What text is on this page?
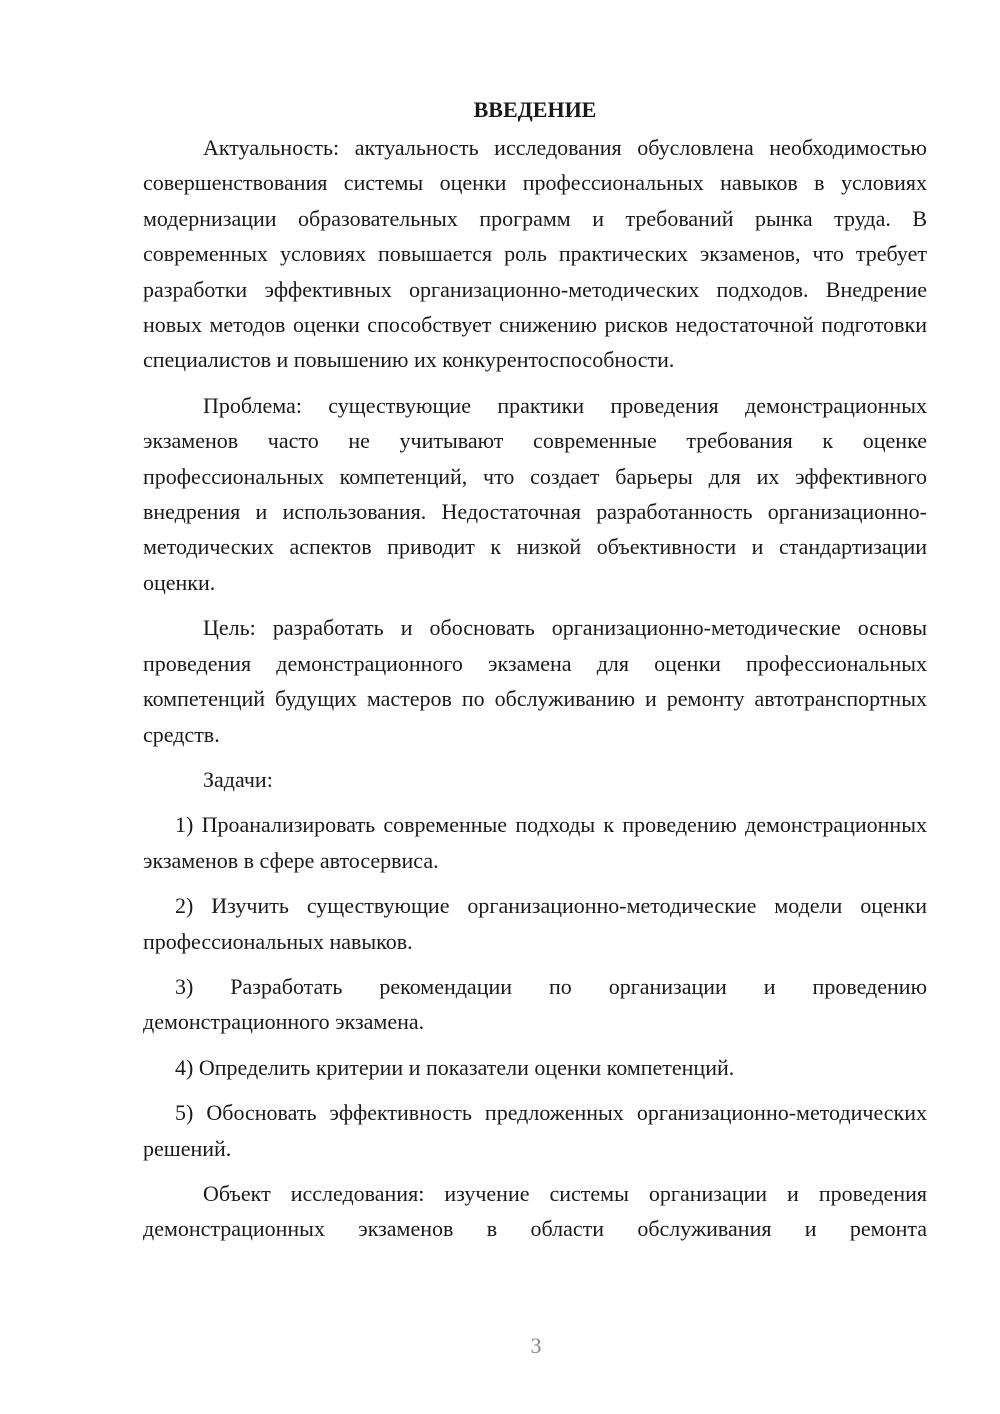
ВВЕДЕНИЕ

Актуальность: актуальность исследования обусловлена необходимостью совершенствования системы оценки профессиональных навыков в условиях модернизации образовательных программ и требований рынка труда. В современных условиях повышается роль практических экзаменов, что требует разработки эффективных организационно-методических подходов. Внедрение новых методов оценки способствует снижению рисков недостаточной подготовки специалистов и повышению их конкурентоспособности.

Проблема: существующие практики проведения демонстрационных экзаменов часто не учитывают современные требования к оценке профессиональных компетенций, что создает барьеры для их эффективного внедрения и использования. Недостаточная разработанность организационно-методических аспектов приводит к низкой объективности и стандартизации оценки.

Цель: разработать и обосновать организационно-методические основы проведения демонстрационного экзамена для оценки профессиональных компетенций будущих мастеров по обслуживанию и ремонту автотранспортных средств.

Задачи:

1) Проанализировать современные подходы к проведению демонстрационных экзаменов в сфере автосервиса.

2) Изучить существующие организационно-методические модели оценки профессиональных навыков.

3) Разработать рекомендации по организации и проведению демонстрационного экзамена.

4) Определить критерии и показатели оценки компетенций.

5) Обосновать эффективность предложенных организационно-методических решений.

Объект исследования: изучение системы организации и проведения демонстрационных экзаменов в области обслуживания и ремонта

3
